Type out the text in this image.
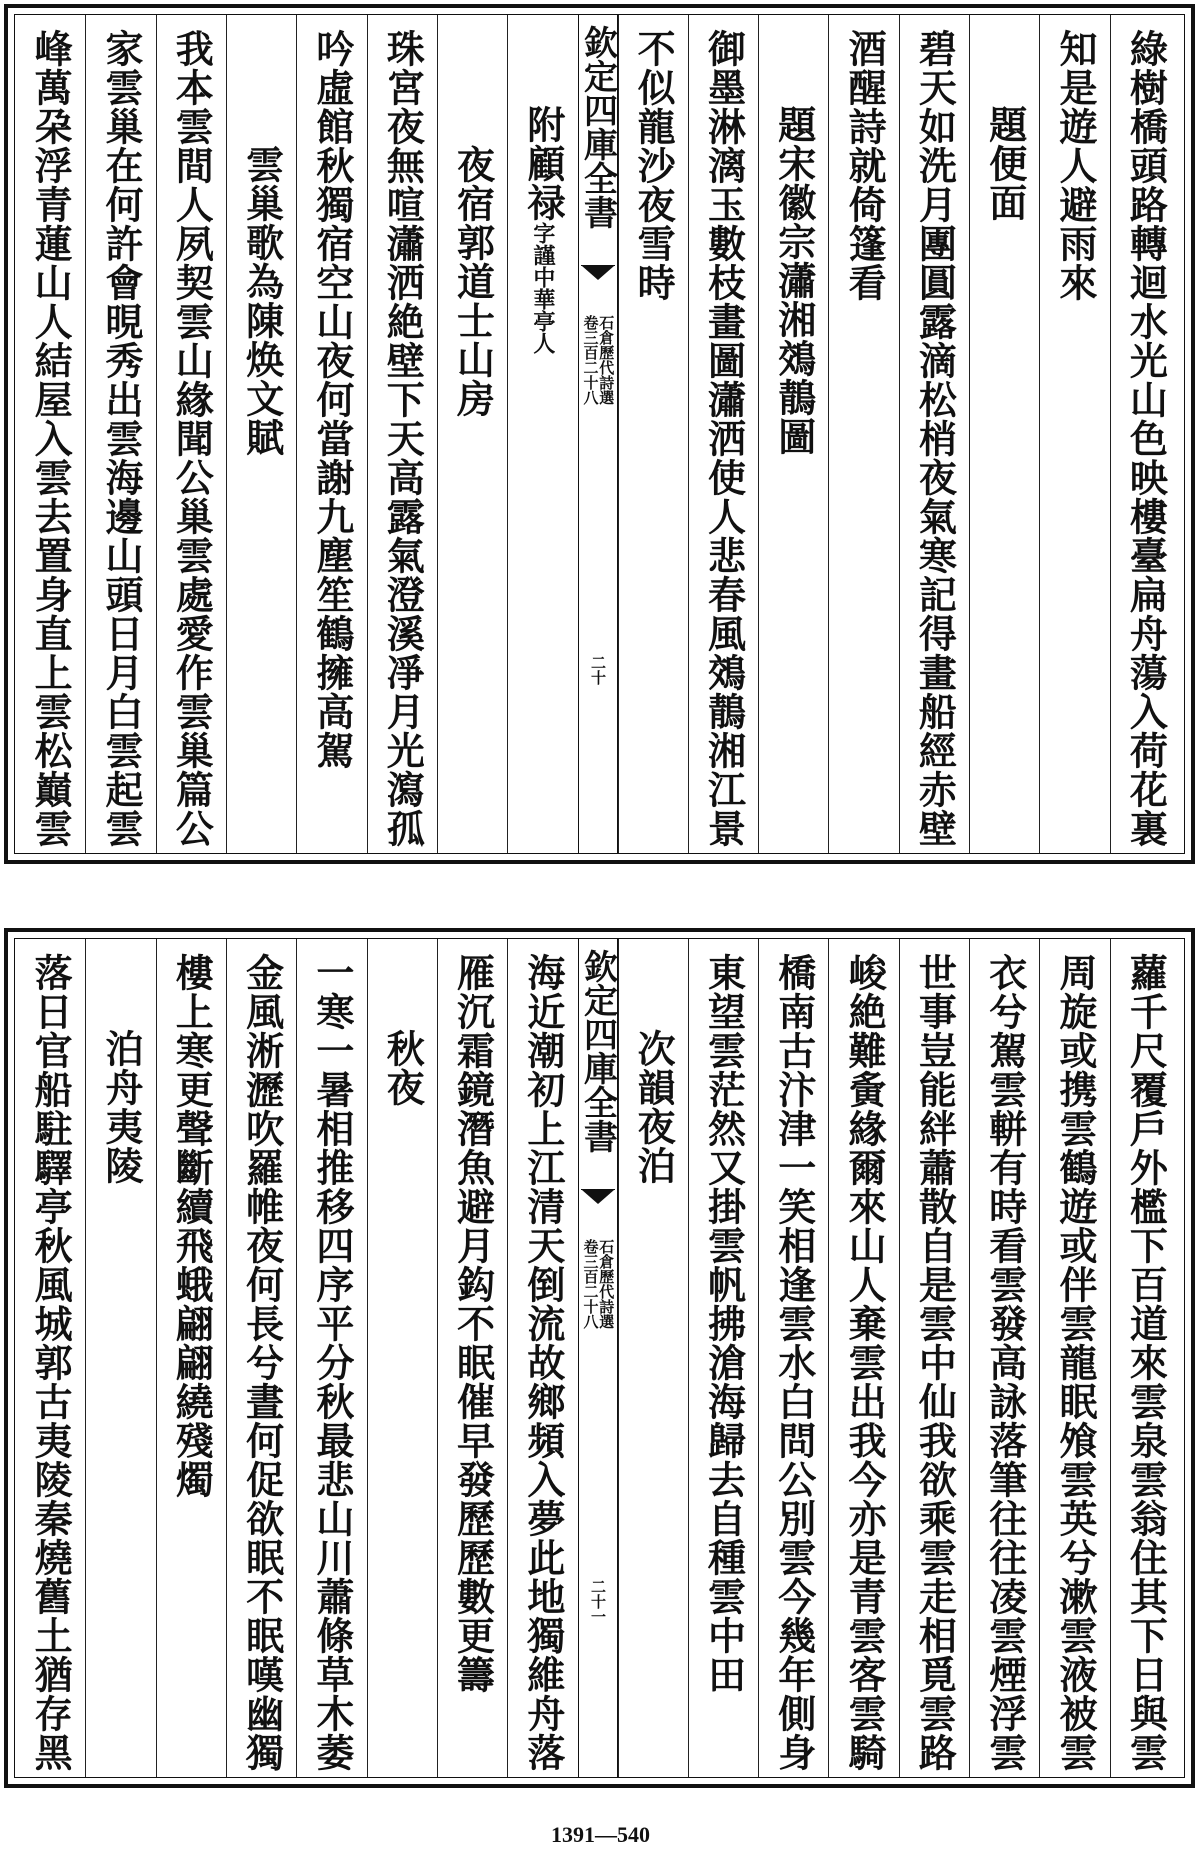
綠樹橋頭路轉迴水光山色映樓臺扁舟蕩入荷花裏
知是遊人避雨來
題便面
碧天如洗月團圓露滴松梢夜氣寒記得畫船經赤壁
酒醒詩就倚篷看
題宋徽宗瀟湘鵁鶄圖
御墨淋漓玉數枝畫圖瀟洒使人悲春風鵁鶄湘江景
不似龍沙夜雪時
欽定四庫全書
石倉歷代詩選
卷三百二十八
二十
附顧禄字謹中華亭人
夜宿郭道士山房
珠宮夜無喧瀟洒絶壁下天高露氣澄溪凈月光瀉孤
吟虛館秋獨宿空山夜何當謝九塵笙鶴擁高駕
雲巢歌為陳焕文賦
我本雲間人夙契雲山緣聞公巢雲處愛作雲巢篇公
家雲巢在何許會晛秀出雲海邊山頭日月白雲起雲
峰萬朶浮青蓮山人結屋入雲去置身直上雲松巔雲
蘿千尺覆戶外檻下百道來雲泉雲翁住其下日與雲
周旋或携雲鶴遊或伴雲龍眠飧雲英兮漱雲液被雲
衣兮駕雲軿有時看雲發高詠落筆往往凌雲煙浮雲
世事豈能絆蕭散自是雲中仙我欲乘雲走相覓雲路
峻絶難夤緣爾來山人棄雲出我今亦是青雲客雲騎
橋南古汴津一笑相逢雲水白問公別雲今幾年側身
東望雲茫然又掛雲帆拂滄海歸去自種雲中田
次韻夜泊
欽定四庫全書
石倉歷代詩選
卷三百二十八
二十一
海近潮初上江清天倒流故鄉頻入夢此地獨維舟落
雁沉霜鏡潛魚避月鈎不眠催早發歷歷數更籌
秋夜
一寒一暑相推移四序平分秋最悲山川蕭條草木萎
金風淅瀝吹羅帷夜何長兮晝何促欲眠不眠嘆幽獨
樓上寒更聲斷續飛蛾翩翩繞殘燭
泊舟夷陵
落日官船駐驛亭秋風城郭古夷陵秦燒舊土猶存黑
1391—540
